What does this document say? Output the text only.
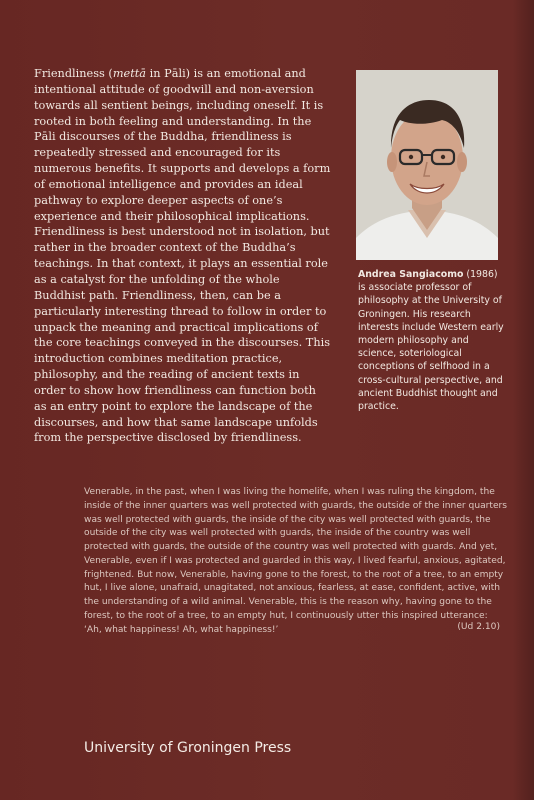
Friendliness (mettā in Pāli) is an emotional and intentional attitude of goodwill and non-aversion towards all sentient beings, including oneself. It is rooted in both feeling and understanding. In the Pāli discourses of the Buddha, friendliness is repeatedly stressed and encouraged for its numerous benefits. It supports and develops a form of emotional intelligence and provides an ideal pathway to explore deeper aspects of one’s experience and their philosophical implications. Friendliness is best understood not in isolation, but rather in the broader context of the Buddha’s teachings. In that context, it plays an essential role as a catalyst for the unfolding of the whole Buddhist path. Friendliness, then, can be a particularly interesting thread to follow in order to unpack the meaning and practical implications of the core teachings conveyed in the discourses. This introduction combines meditation practice, philosophy, and the reading of ancient texts in order to show how friendliness can function both as an entry point to explore the landscape of the discourses, and how that same landscape unfolds from the perspective disclosed by friendliness.

Andrea Sangiacomo (1986) is associate professor of philosophy at the University of Groningen. His research interests include Western early modern philosophy and science, soteriological conceptions of selfhood in a cross-cultural perspective, and ancient Buddhist thought and practice.

Venerable, in the past, when I was living the homelife, when I was ruling the kingdom, the inside of the inner quarters was well protected with guards, the outside of the inner quarters was well protected with guards, the inside of the city was well protected with guards, the outside of the city was well protected with guards, the inside of the country was well protected with guards, the outside of the country was well protected with guards. And yet, Venerable, even if I was protected and guarded in this way, I lived fearful, anxious, agitated, frightened. But now, Venerable, having gone to the forest, to the root of a tree, to an empty hut, I live alone, unafraid, unagitated, not anxious, fearless, at ease, confident, active, with the understanding of a wild animal. Venerable, this is the reason why, having gone to the forest, to the root of a tree, to an empty hut, I continuously utter this inspired utterance: ‘Ah, what happiness! Ah, what happiness!’	(Ud 2.10)
University of Groningen Press
